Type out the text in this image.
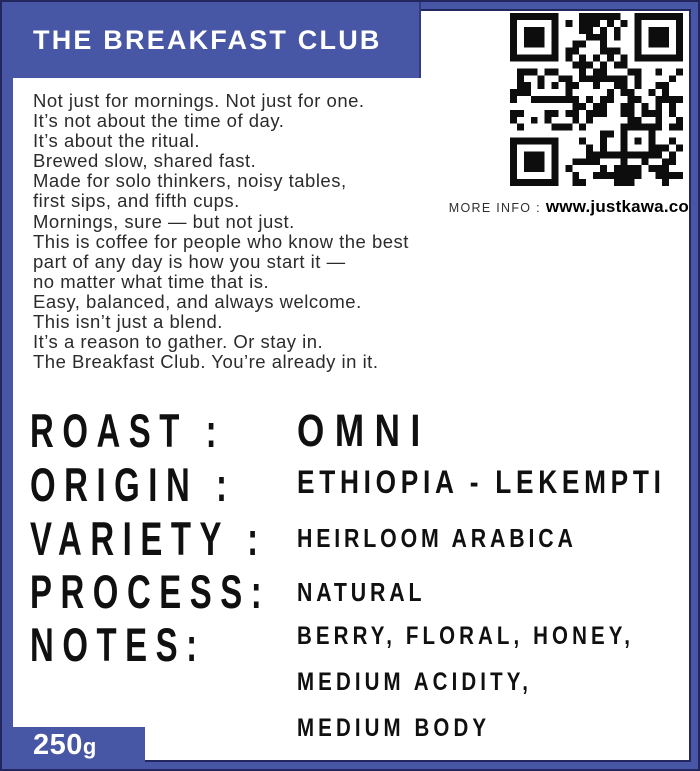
THE BREAKFAST CLUB
MORE INFO : www.justkawa.co
Not just for mornings. Not just for one.
It’s not about the time of day.
It’s about the ritual.
Brewed slow, shared fast.
Made for solo thinkers, noisy tables,
first sips, and fifth cups.
Mornings, sure — but not just.
This is coffee for people who know the best
part of any day is how you start it —
no matter what time that is.
Easy, balanced, and always welcome.
This isn’t just a blend.
It’s a reason to gather. Or stay in.
The Breakfast Club. You’re already in it.
ROAST : OMNI
ORIGIN : ETHIOPIA - LEKEMPTI
VARIETY : HEIRLOOM ARABICA
PROCESS: NATURAL
NOTES:	BERRY, FLORAL, HONEY,
MEDIUM ACIDITY,
MEDIUM BODY
250 g
